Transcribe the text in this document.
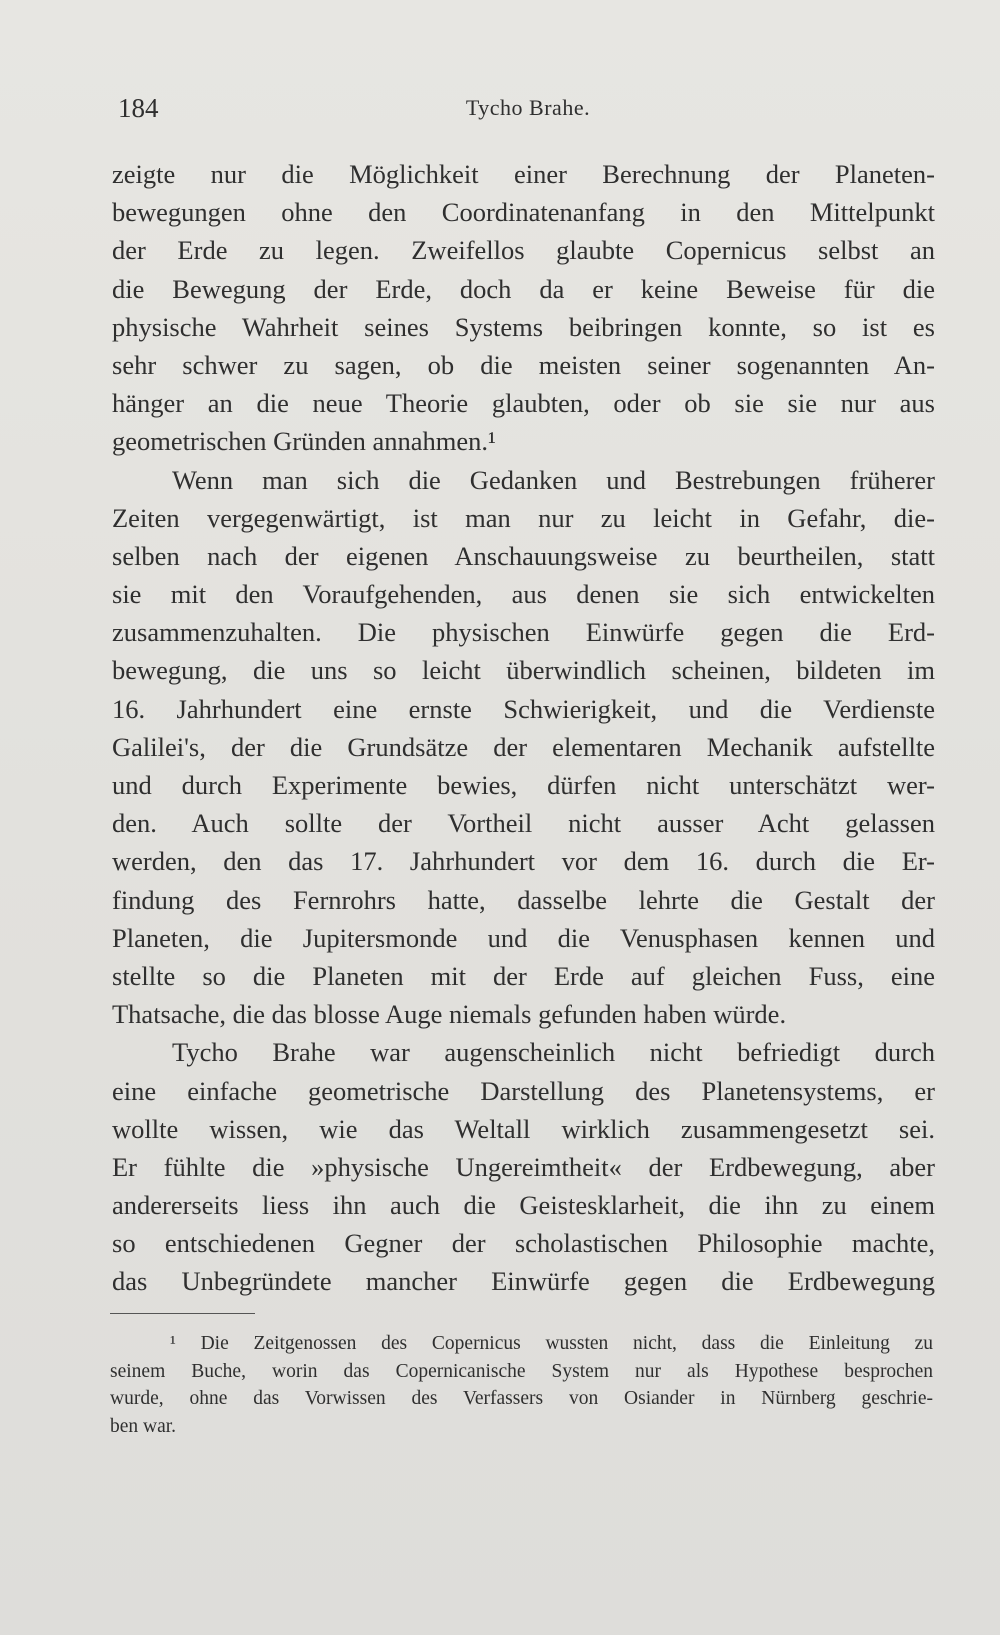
184	Tycho Brahe.
zeigte nur die Möglichkeit einer Berechnung der Planeten-
bewegungen ohne den Coordinatenanfang in den Mittelpunkt
der Erde zu legen. Zweifellos glaubte Copernicus selbst an
die Bewegung der Erde, doch da er keine Beweise für die
physische Wahrheit seines Systems beibringen konnte, so ist es
sehr schwer zu sagen, ob die meisten seiner sogenannten An-
hänger an die neue Theorie glaubten, oder ob sie sie nur aus
geometrischen Gründen annahmen.¹
Wenn man sich die Gedanken und Bestrebungen früherer
Zeiten vergegenwärtigt, ist man nur zu leicht in Gefahr, die-
selben nach der eigenen Anschauungsweise zu beurtheilen, statt
sie mit den Voraufgehenden, aus denen sie sich entwickelten
zusammenzuhalten. Die physischen Einwürfe gegen die Erd-
bewegung, die uns so leicht überwindlich scheinen, bildeten im
16. Jahrhundert eine ernste Schwierigkeit, und die Verdienste
Galilei's, der die Grundsätze der elementaren Mechanik aufstellte
und durch Experimente bewies, dürfen nicht unterschätzt wer-
den. Auch sollte der Vortheil nicht ausser Acht gelassen
werden, den das 17. Jahrhundert vor dem 16. durch die Er-
findung des Fernrohrs hatte, dasselbe lehrte die Gestalt der
Planeten, die Jupitersmonde und die Venusphasen kennen und
stellte so die Planeten mit der Erde auf gleichen Fuss, eine
Thatsache, die das blosse Auge niemals gefunden haben würde.
Tycho Brahe war augenscheinlich nicht befriedigt durch
eine einfache geometrische Darstellung des Planetensystems, er
wollte wissen, wie das Weltall wirklich zusammengesetzt sei.
Er fühlte die »physische Ungereimtheit« der Erdbewegung, aber
andererseits liess ihn auch die Geistesklarheit, die ihn zu einem
so entschiedenen Gegner der scholastischen Philosophie machte,
das Unbegründete mancher Einwürfe gegen die Erdbewegung
¹ Die Zeitgenossen des Copernicus wussten nicht, dass die Einleitung zu
seinem Buche, worin das Copernicanische System nur als Hypothese besprochen
wurde, ohne das Vorwissen des Verfassers von Osiander in Nürnberg geschrie-
ben war.
